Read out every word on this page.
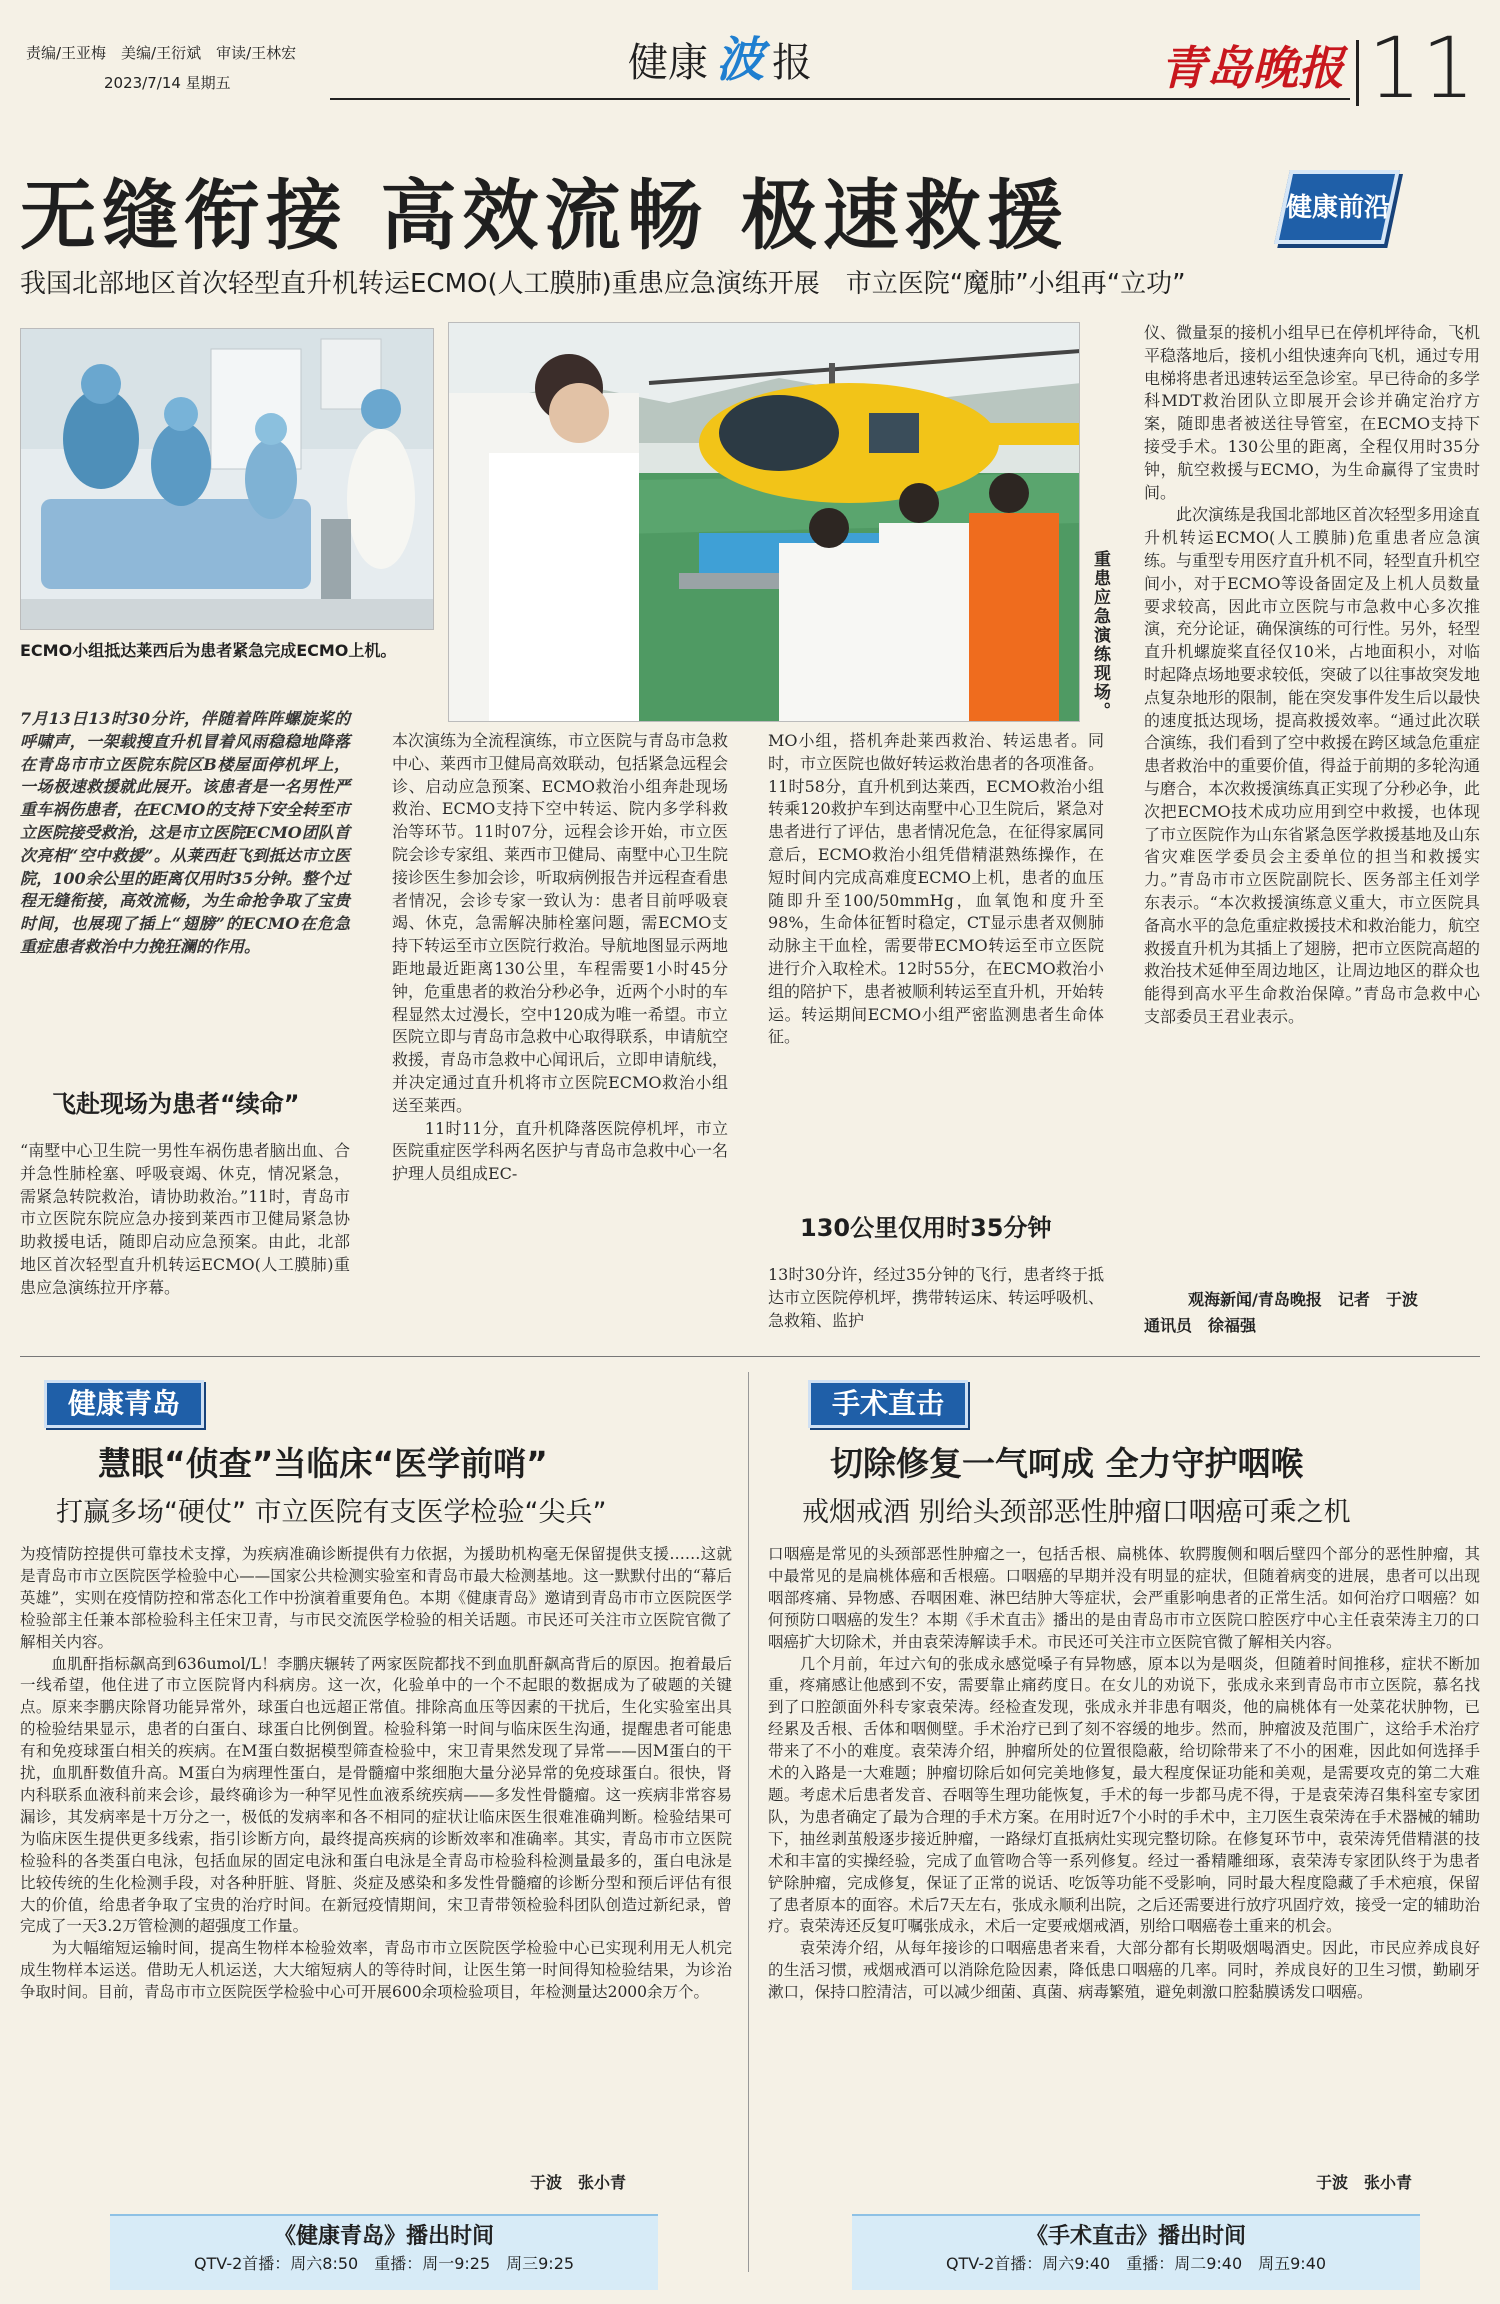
责编/王亚梅　美编/王衍斌　审读/王林宏
2023/7/14 星期五	健康 波 报	青岛晚报 11
无缝衔接 高效流畅 极速救援	健康前沿
我国北部地区首次轻型直升机转运ECMO(人工膜肺)重患应急演练开展　市立医院“魔肺”小组再“立功”
ECMO小组抵达莱西后为患者紧急完成ECMO上机。	重患应急演练现场。
7月13日13时30分许，伴随着阵阵螺旋桨的呼啸声，一架载搜直升机冒着风雨稳稳地降落在青岛市市立医院东院区B楼屋面停机坪上，一场极速救援就此展开。该患者是一名男性严重车祸伤患者，在ECMO的支持下安全转至市立医院接受救治，这是市立医院ECMO团队首次亮相“空中救援”。从莱西赶飞到抵达市立医院，100余公里的距离仅用时35分钟。整个过程无缝衔接，高效流畅，为生命抢争取了宝贵时间，也展现了插上“翅膀”的ECMO在危急重症患者救治中力挽狂澜的作用。
飞赴现场为患者“续命”
“南墅中心卫生院一男性车祸伤患者脑出血、合并急性肺栓塞、呼吸衰竭、休克，情况紧急，需紧急转院救治，请协助救治。”11时，青岛市市立医院东院应急办接到莱西市卫健局紧急协助救援电话，随即启动应急预案。由此，北部地区首次轻型直升机转运ECMO(人工膜肺)重患应急演练拉开序幕。
本次演练为全流程演练，市立医院与青岛市急救中心、莱西市卫健局高效联动，包括紧急远程会诊、启动应急预案、ECMO救治小组奔赴现场救治、ECMO支持下空中转运、院内多学科救治等环节。11时07分，远程会诊开始，市立医院会诊专家组、莱西市卫健局、南墅中心卫生院接诊医生参加会诊，听取病例报告并远程查看患者情况，会诊专家一致认为：患者目前呼吸衰竭、休克，急需解决肺栓塞问题，需ECMO支持下转运至市立医院行救治。导航地图显示两地距地最近距离130公里，车程需要1小时45分钟，危重患者的救治分秒必争，近两个小时的车程显然太过漫长，空中120成为唯一希望。市立医院立即与青岛市急救中心取得联系，申请航空救援，青岛市急救中心闻讯后，立即申请航线，并决定通过直升机将市立医院ECMO救治小组送至莱西。
　　11时11分，直升机降落医院停机坪，市立医院重症医学科两名医护与青岛市急救中心一名护理人员组成EC-
MO小组，搭机奔赴莱西救治、转运患者。同时，市立医院也做好转运救治患者的各项准备。11时58分，直升机到达莱西，ECMO救治小组转乘120救护车到达南墅中心卫生院后，紧急对患者进行了评估，患者情况危急，在征得家属同意后，ECMO救治小组凭借精湛熟练操作，在短时间内完成高难度ECMO上机，患者的血压随即升至100/50mmHg，血氧饱和度升至98%，生命体征暂时稳定，CT显示患者双侧肺动脉主干血栓，需要带ECMO转运至市立医院进行介入取栓术。12时55分，在ECMO救治小组的陪护下，患者被顺利转运至直升机，开始转运。转运期间ECMO小组严密监测患者生命体征。
130公里仅用时35分钟
13时30分许，经过35分钟的飞行，患者终于抵达市立医院停机坪，携带转运床、转运呼吸机、急救箱、监护
仪、微量泵的接机小组早已在停机坪待命，飞机平稳落地后，接机小组快速奔向飞机，通过专用电梯将患者迅速转运至急诊室。早已待命的多学科MDT救治团队立即展开会诊并确定治疗方案，随即患者被送往导管室，在ECMO支持下接受手术。130公里的距离，全程仅用时35分钟，航空救援与ECMO，为生命赢得了宝贵时间。
　　此次演练是我国北部地区首次轻型多用途直升机转运ECMO(人工膜肺)危重患者应急演练。与重型专用医疗直升机不同，轻型直升机空间小，对于ECMO等设备固定及上机人员数量要求较高，因此市立医院与市急救中心多次推演，充分论证，确保演练的可行性。另外，轻型直升机螺旋桨直径仅10米，占地面积小，对临时起降点场地要求较低，突破了以往事故突发地点复杂地形的限制，能在突发事件发生后以最快的速度抵达现场，提高救援效率。“通过此次联合演练，我们看到了空中救援在跨区域急危重症患者救治中的重要价值，得益于前期的多轮沟通与磨合，本次救援演练真正实现了分秒必争，此次把ECMO技术成功应用到空中救援，也体现了市立医院作为山东省紧急医学救援基地及山东省灾难医学委员会主委单位的担当和救援实力。”青岛市市立医院副院长、医务部主任刘学东表示。“本次救援演练意义重大，市立医院具备高水平的急危重症救援技术和救治能力，航空救援直升机为其插上了翅膀，把市立医院高超的救治技术延伸至周边地区，让周边地区的群众也能得到高水平生命救治保障。”青岛市急救中心支部委员王君业表示。
观海新闻/青岛晚报　记者　于波
通讯员　徐福强
健康青岛
慧眼“侦查”当临床“医学前哨”
打赢多场“硬仗” 市立医院有支医学检验“尖兵”
为疫情防控提供可靠技术支撑，为疾病准确诊断提供有力依据，为援助机构毫无保留提供支援……这就是青岛市市立医院医学检验中心——国家公共检测实验室和青岛市最大检测基地。这一默默付出的“幕后英雄”，实则在疫情防控和常态化工作中扮演着重要角色。本期《健康青岛》邀请到青岛市市立医院医学检验部主任兼本部检验科主任宋卫青，与市民交流医学检验的相关话题。市民还可关注市立医院官微了解相关内容。
　　血肌酐指标飙高到636umol/L！李鹏庆辗转了两家医院都找不到血肌酐飙高背后的原因。抱着最后一线希望，他住进了市立医院肾内科病房。这一次，化验单中的一个不起眼的数据成为了破题的关键点。原来李鹏庆除肾功能异常外，球蛋白也远超正常值。排除高血压等因素的干扰后，生化实验室出具的检验结果显示，患者的白蛋白、球蛋白比例倒置。检验科第一时间与临床医生沟通，提醒患者可能患有和免疫球蛋白相关的疾病。在M蛋白数据模型筛查检验中，宋卫青果然发现了异常——因M蛋白的干扰，血肌酐数值升高。M蛋白为病理性蛋白，是骨髓瘤中浆细胞大量分泌异常的免疫球蛋白。很快，肾内科联系血液科前来会诊，最终确诊为一种罕见性血液系统疾病——多发性骨髓瘤。这一疾病非常容易漏诊，其发病率是十万分之一，极低的发病率和各不相同的症状让临床医生很难准确判断。检验结果可为临床医生提供更多线索，指引诊断方向，最终提高疾病的诊断效率和准确率。其实，青岛市市立医院检验科的各类蛋白电泳，包括血尿的固定电泳和蛋白电泳是全青岛市检验科检测量最多的，蛋白电泳是比较传统的生化检测手段，对各种肝脏、肾脏、炎症及感染和多发性骨髓瘤的诊断分型和预后评估有很大的价值，给患者争取了宝贵的治疗时间。在新冠疫情期间，宋卫青带领检验科团队创造过新纪录，曾完成了一天3.2万管检测的超强度工作量。
　　为大幅缩短运输时间，提高生物样本检验效率，青岛市市立医院医学检验中心已实现利用无人机完成生物样本运送。借助无人机运送，大大缩短病人的等待时间，让医生第一时间得知检验结果，为诊治争取时间。目前，青岛市市立医院医学检验中心可开展600余项检验项目，年检测量达2000余万个。
于波　张小青
《健康青岛》播出时间
QTV-2首播：周六8:50　重播：周一9:25　周三9:25
手术直击
切除修复一气呵成 全力守护咽喉
戒烟戒酒 别给头颈部恶性肿瘤口咽癌可乘之机
口咽癌是常见的头颈部恶性肿瘤之一，包括舌根、扁桃体、软腭腹侧和咽后壁四个部分的恶性肿瘤，其中最常见的是扁桃体癌和舌根癌。口咽癌的早期并没有明显的症状，但随着病变的进展，患者可以出现咽部疼痛、异物感、吞咽困难、淋巴结肿大等症状，会严重影响患者的正常生活。如何治疗口咽癌？如何预防口咽癌的发生？本期《手术直击》播出的是由青岛市市立医院口腔医疗中心主任袁荣涛主刀的口咽癌扩大切除术，并由袁荣涛解读手术。市民还可关注市立医院官微了解相关内容。
　　几个月前，年过六旬的张成永感觉嗓子有异物感，原本以为是咽炎，但随着时间推移，症状不断加重，疼痛感让他感到不安，需要靠止痛药度日。在女儿的劝说下，张成永来到青岛市市立医院，慕名找到了口腔颌面外科专家袁荣涛。经检查发现，张成永并非患有咽炎，他的扁桃体有一处菜花状肿物，已经累及舌根、舌体和咽侧壁。手术治疗已到了刻不容缓的地步。然而，肿瘤波及范围广，这给手术治疗带来了不小的难度。袁荣涛介绍，肿瘤所处的位置很隐蔽，给切除带来了不小的困难，因此如何选择手术的入路是一大难题；肿瘤切除后如何完美地修复，最大程度保证功能和美观，是需要攻克的第二大难题。考虑术后患者发音、吞咽等生理功能恢复，手术的每一步都马虎不得，于是袁荣涛召集科室专家团队，为患者确定了最为合理的手术方案。在用时近7个小时的手术中，主刀医生袁荣涛在手术器械的辅助下，抽丝剥茧般逐步接近肿瘤，一路绿灯直抵病灶实现完整切除。在修复环节中，袁荣涛凭借精湛的技术和丰富的实操经验，完成了血管吻合等一系列修复。经过一番精雕细琢，袁荣涛专家团队终于为患者铲除肿瘤，完成修复，保证了正常的说话、吃饭等功能不受影响，同时最大程度隐藏了手术疤痕，保留了患者原本的面容。术后7天左右，张成永顺利出院，之后还需要进行放疗巩固疗效，接受一定的辅助治疗。袁荣涛还反复叮嘱张成永，术后一定要戒烟戒酒，别给口咽癌卷土重来的机会。
　　袁荣涛介绍，从每年接诊的口咽癌患者来看，大部分都有长期吸烟喝酒史。因此，市民应养成良好的生活习惯，戒烟戒酒可以消除危险因素，降低患口咽癌的几率。同时，养成良好的卫生习惯，勤刷牙漱口，保持口腔清洁，可以减少细菌、真菌、病毒繁殖，避免刺激口腔黏膜诱发口咽癌。
于波　张小青
《手术直击》播出时间
QTV-2首播：周六9:40　重播：周二9:40　周五9:40
